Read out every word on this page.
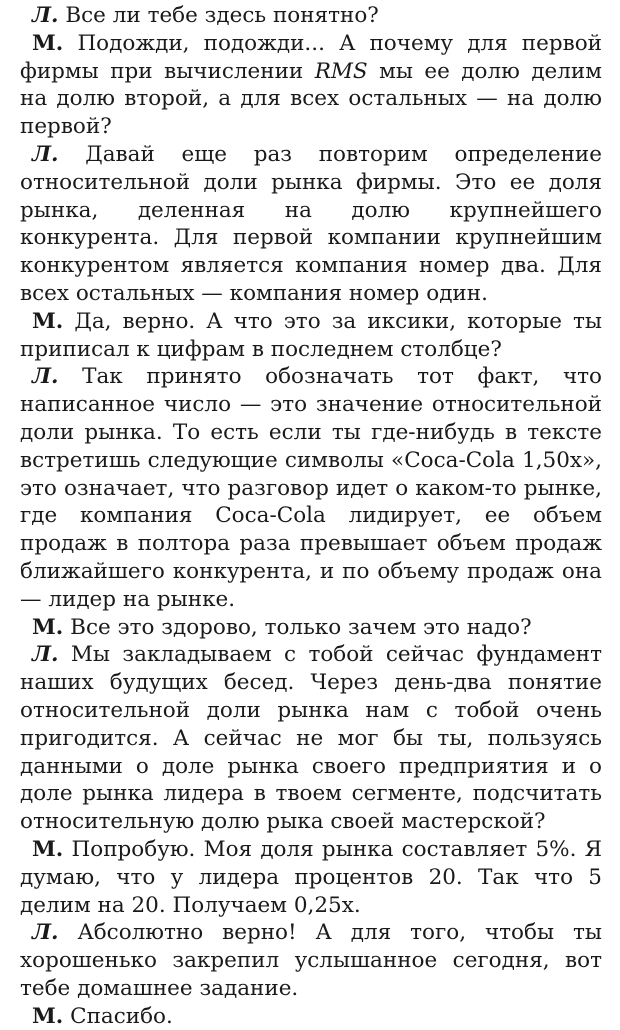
Л. Все ли тебе здесь понятно?

М. Подожди, подожди... А почему для первой фирмы при вычислении RMS мы ее долю делим на долю второй, а для всех остальных — на долю первой?

Л. Давай еще раз повторим определение относительной доли рынка фирмы. Это ее доля рынка, деленная на долю крупнейшего конкурента. Для первой компании крупнейшим конкурентом является компания номер два. Для всех остальных — компания номер один.

М. Да, верно. А что это за иксики, которые ты приписал к цифрам в последнем столбце?

Л. Так принято обозначать тот факт, что написанное число — это значение относительной доли рынка. То есть если ты где-нибудь в тексте встретишь следующие символы «Coca-Cola 1,50x», это означает, что разговор идет о каком-то рынке, где компания Coca-Cola лидирует, ее объем продаж в полтора раза превышает объем продаж ближайшего конкурента, и по объему продаж она — лидер на рынке.

М. Все это здорово, только зачем это надо?

Л. Мы закладываем с тобой сейчас фундамент наших будущих бесед. Через день-два понятие относительной доли рынка нам с тобой очень пригодится. А сейчас не мог бы ты, пользуясь данными о доле рынка своего предприятия и о доле рынка лидера в твоем сегменте, подсчитать относительную долю рыка своей мастерской?

М. Попробую. Моя доля рынка составляет 5%. Я думаю, что у лидера процентов 20. Так что 5 делим на 20. Получаем 0,25x.

Л. Абсолютно верно! А для того, чтобы ты хорошенько закрепил услышанное сегодня, вот тебе домашнее задание.

М. Спасибо.
